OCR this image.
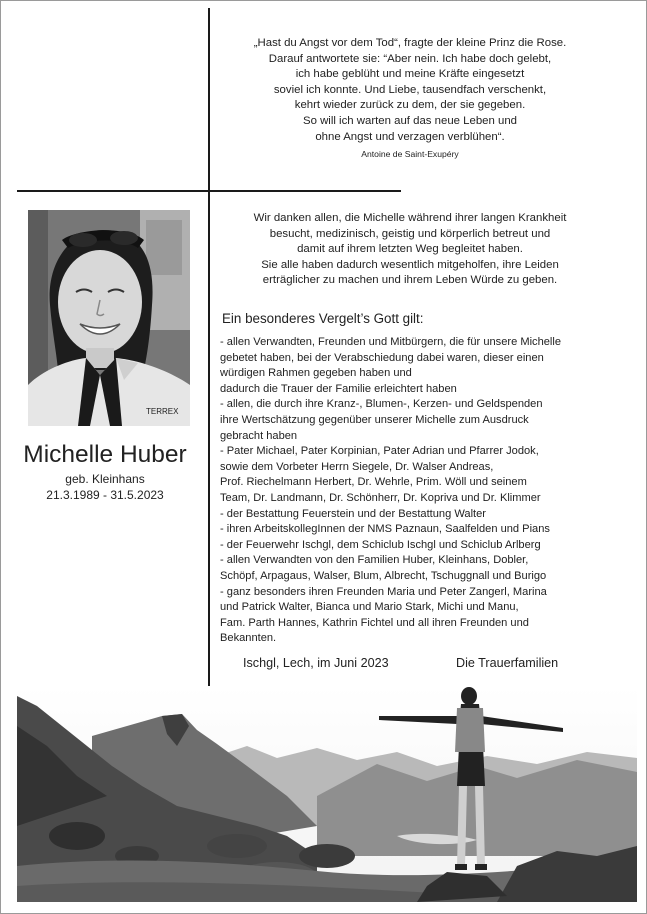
„Hast du Angst vor dem Tod“, fragte der kleine Prinz die Rose.
Darauf antwortete sie: “Aber nein. Ich habe doch gelebt,
ich habe geblüht und meine Kräfte eingesetzt
soviel ich konnte. Und Liebe, tausendfach verschenkt,
kehrt wieder zurück zu dem, der sie gegeben.
So will ich warten auf das neue Leben und
ohne Angst und verzagen verblühen“.
Antoine de Saint-Exupéry
TERREX
Michelle Huber
geb. Kleinhans
21.3.1989 - 31.5.2023
Wir danken allen, die Michelle während ihrer langen Krankheit
besucht, medizinisch, geistig und körperlich betreut und
damit auf ihrem letzten Weg begleitet haben.
Sie alle haben dadurch wesentlich mitgeholfen, ihre Leiden
erträglicher zu machen und ihrem Leben Würde zu geben.
Ein besonderes Vergelt’s Gott gilt:
- allen Verwandten, Freunden und Mitbürgern, die für unsere Michelle
gebetet haben, bei der Verabschiedung dabei waren, dieser einen
würdigen Rahmen gegeben haben und
dadurch die Trauer der Familie erleichtert haben
- allen, die durch ihre Kranz-, Blumen-, Kerzen- und Geldspenden
ihre Wertschätzung gegenüber unserer Michelle zum Ausdruck
gebracht haben
- Pater Michael, Pater Korpinian, Pater Adrian und Pfarrer Jodok,
sowie dem Vorbeter Herrn Siegele, Dr. Walser Andreas,
Prof. Riechelmann Herbert, Dr. Wehrle, Prim. Wöll und seinem
Team, Dr. Landmann, Dr. Schönherr, Dr. Kopriva und Dr. Klimmer
- der Bestattung Feuerstein und der Bestattung Walter
- ihren ArbeitskollegInnen der NMS Paznaun, Saalfelden und Pians
- der Feuerwehr Ischgl, dem Schiclub Ischgl und Schiclub Arlberg
- allen Verwandten von den Familien Huber, Kleinhans, Dobler,
Schöpf, Arpagaus, Walser, Blum, Albrecht, Tschuggnall und Burigo
- ganz besonders ihren Freunden Maria und Peter Zangerl, Marina
und Patrick Walter, Bianca und Mario Stark, Michi und Manu,
Fam. Parth Hannes, Kathrin Fichtel und all ihren Freunden und
Bekannten.
Ischgl, Lech, im Juni 2023	Die Trauerfamilien
